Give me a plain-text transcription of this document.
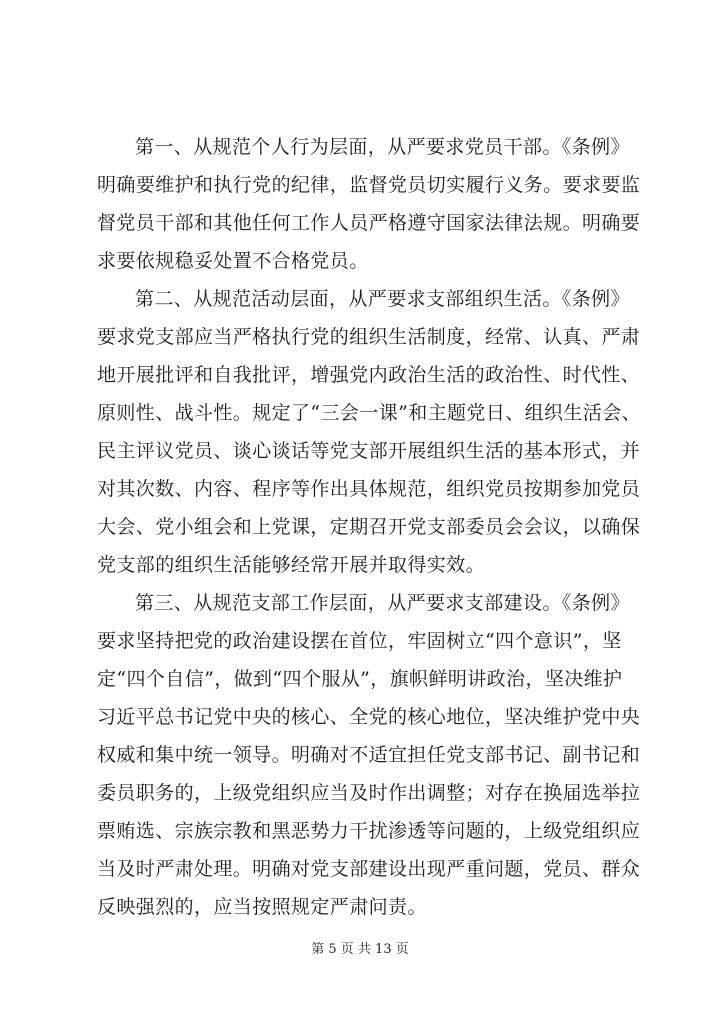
第一、从规范个人行为层面，从严要求党员干部。《条例》
明确要维护和执行党的纪律，监督党员切实履行义务。要求要监
督党员干部和其他任何工作人员严格遵守国家法律法规。明确要
求要依规稳妥处置不合格党员。
第二、从规范活动层面，从严要求支部组织生活。《条例》
要求党支部应当严格执行党的组织生活制度，经常、认真、严肃
地开展批评和自我批评，增强党内政治生活的政治性、时代性、
原则性、战斗性。规定了“三会一课”和主题党日、组织生活会、
民主评议党员、谈心谈话等党支部开展组织生活的基本形式，并
对其次数、内容、程序等作出具体规范，组织党员按期参加党员
大会、党小组会和上党课，定期召开党支部委员会会议，以确保
党支部的组织生活能够经常开展并取得实效。
第三、从规范支部工作层面，从严要求支部建设。《条例》
要求坚持把党的政治建设摆在首位，牢固树立“四个意识”，坚
定“四个自信”，做到“四个服从”，旗帜鲜明讲政治，坚决维护
习近平总书记党中央的核心、全党的核心地位，坚决维护党中央
权威和集中统一领导。明确对不适宜担任党支部书记、副书记和
委员职务的，上级党组织应当及时作出调整；对存在换届选举拉
票贿选、宗族宗教和黑恶势力干扰渗透等问题的，上级党组织应
当及时严肃处理。明确对党支部建设出现严重问题，党员、群众
反映强烈的，应当按照规定严肃问责。
第 5 页 共 13 页
